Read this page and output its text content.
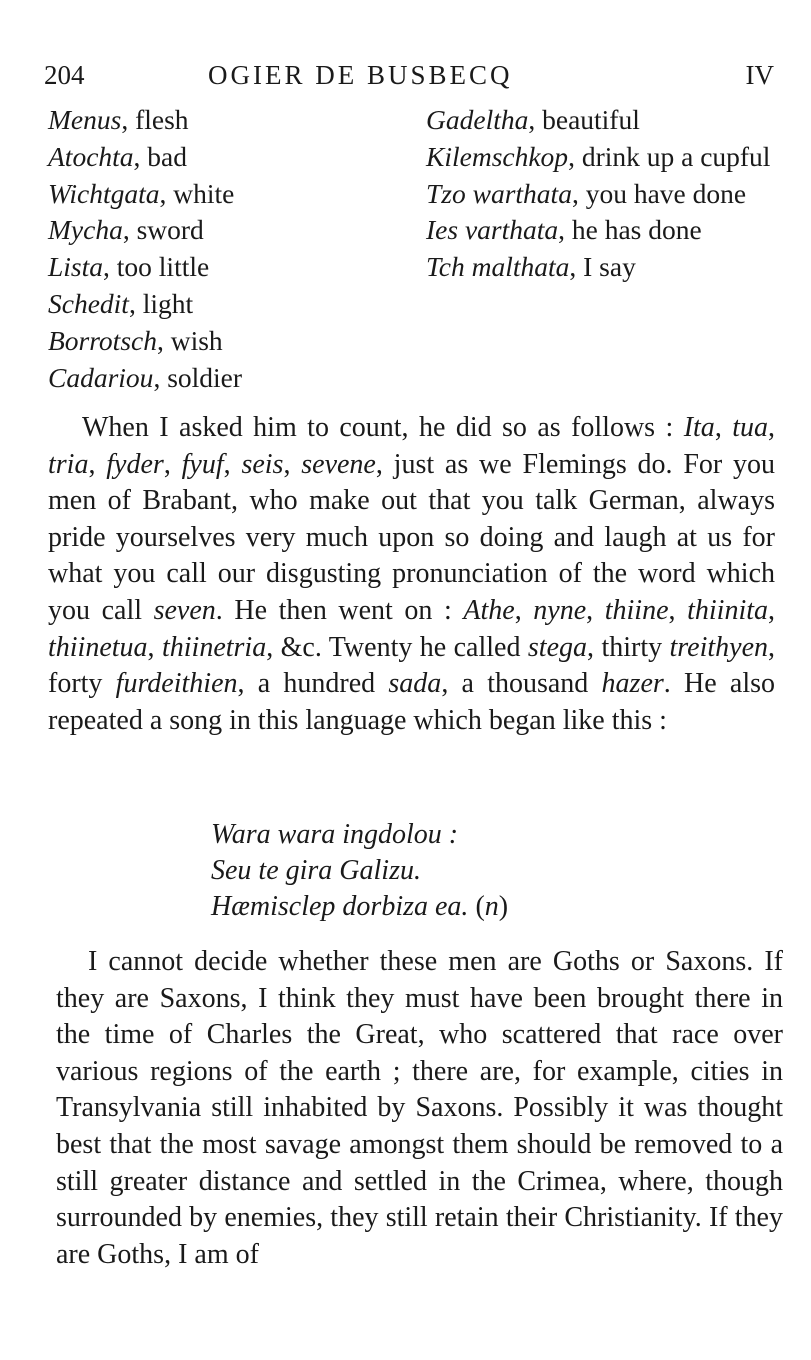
204	OGIER DE BUSBECQ	IV
Menus, flesh
Atochta, bad
Wichtgata, white
Mycha, sword
Lista, too little
Schedit, light
Borrotsch, wish
Cadariou, soldier
Gadeltha, beautiful
Kilemschkop, drink up a cupful
Tzo warthata, you have done
Ies varthata, he has done
Tch malthata, I say

When I asked him to count, he did so as follows : Ita, tua, tria, fyder, fyuf, seis, sevene, just as we Flemings do. For you men of Brabant, who make out that you talk German, always pride yourselves very much upon so doing and laugh at us for what you call our disgusting pronunciation of the word which you call seven. He then went on : Athe, nyne, thiine, thiinita, thiinetua, thiinetria, &c. Twenty he called stega, thirty treithyen, forty furdeithien, a hundred sada, a thousand hazer. He also repeated a song in this language which began like this :

Wara wara ingdolou :
Seu te gira Galizu.
Hæmisclep dorbiza ea. (n)

I cannot decide whether these men are Goths or Saxons. If they are Saxons, I think they must have been brought there in the time of Charles the Great, who scattered that race over various regions of the earth ; there are, for example, cities in Transylvania still inhabited by Saxons. Possibly it was thought best that the most savage amongst them should be removed to a still greater distance and settled in the Crimea, where, though surrounded by enemies, they still retain their Christianity. If they are Goths, I am of
